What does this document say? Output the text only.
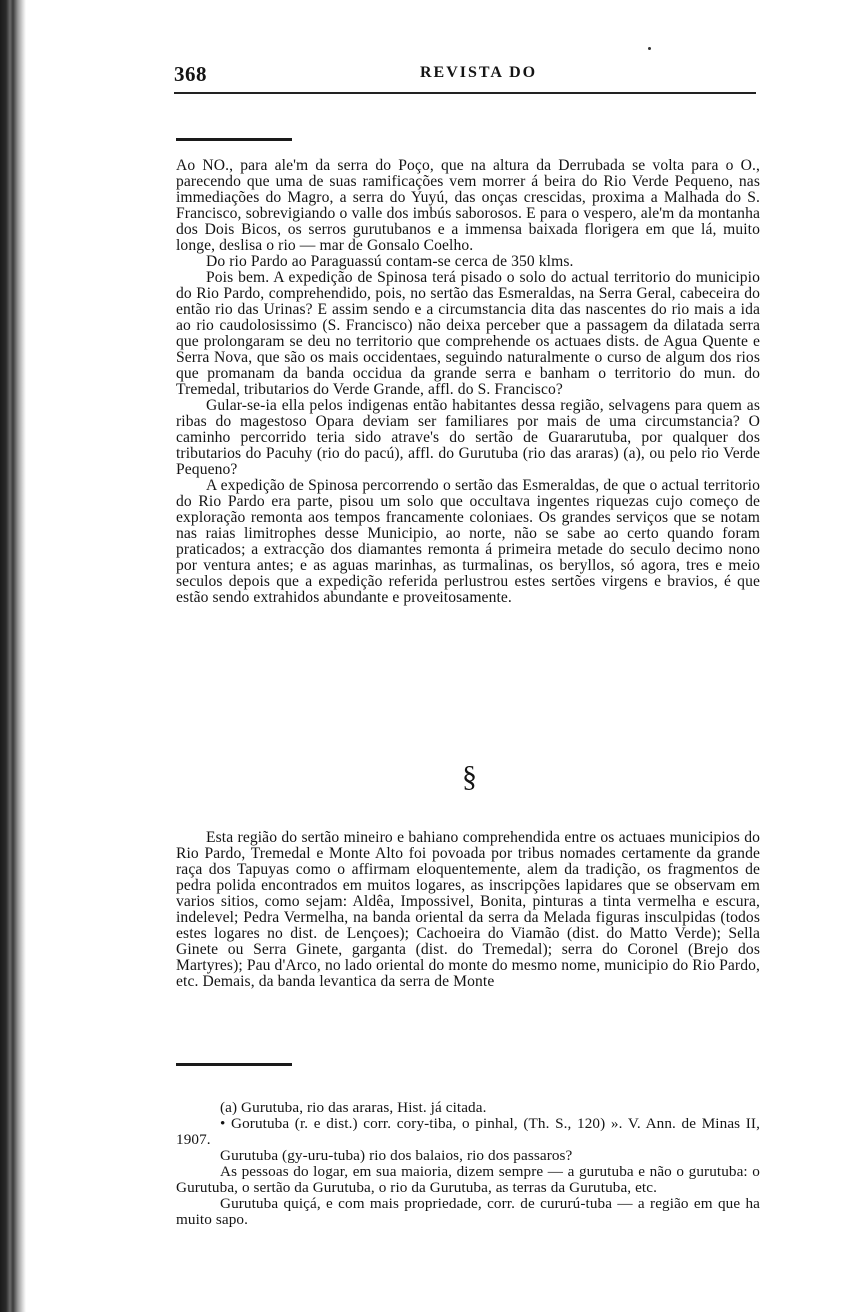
368	REVISTA DO

Ao NO., para ale'm da serra do Poço, que na altura da Derrubada se volta para o O., parecendo que uma de suas ramificações vem morrer á beira do Rio Verde Pequeno, nas immediações do Magro, a serra do Yuyú, das onças crescidas, proxima a Malhada do S. Francisco, sobrevigiando o valle dos imbús saborosos. E para o vespero, ale'm da montanha dos Dois Bicos, os serros gurutubanos e a immensa baixada florigera em que lá, muito longe, deslisa o rio — mar de Gonsalo Coelho.

Do rio Pardo ao Paraguassú contam-se cerca de 350 klms.

Pois bem. A expedição de Spinosa terá pisado o solo do actual territorio do municipio do Rio Pardo, comprehendido, pois, no sertão das Esmeraldas, na Serra Geral, cabeceira do então rio das Urinas? E assim sendo e a circumstancia dita das nascentes do rio mais a ida ao rio caudolosissimo (S. Francisco) não deixa perceber que a passagem da dilatada serra que prolongaram se deu no territorio que comprehende os actuaes dists. de Agua Quente e Serra Nova, que são os mais occidentaes, seguindo naturalmente o curso de algum dos rios que promanam da banda occidua da grande serra e banham o territorio do mun. do Tremedal, tributarios do Verde Grande, affl. do S. Francisco?

Gular-se-ia ella pelos indigenas então habitantes dessa região, selvagens para quem as ribas do magestoso Opara deviam ser familiares por mais de uma circumstancia? O caminho percorrido teria sido atrave's do sertão de Guararutuba, por qualquer dos tributarios do Pacuhy (rio do pacú), affl. do Gurutuba (rio das araras) (a), ou pelo rio Verde Pequeno?

A expedição de Spinosa percorrendo o sertão das Esmeraldas, de que o actual territorio do Rio Pardo era parte, pisou um solo que occultava ingentes riquezas cujo começo de exploração remonta aos tempos francamente coloniaes. Os grandes serviços que se notam nas raias limitrophes desse Municipio, ao norte, não se sabe ao certo quando foram praticados; a extracção dos diamantes remonta á primeira metade do seculo decimo nono por ventura antes; e as aguas marinhas, as turmalinas, os beryllos, só agora, tres e meio seculos depois que a expedição referida perlustrou estes sertões virgens e bravios, é que estão sendo extrahidos abundante e proveitosamente.

§

Esta região do sertão mineiro e bahiano comprehendida entre os actuaes municipios do Rio Pardo, Tremedal e Monte Alto foi povoada por tribus nomades certamente da grande raça dos Tapuyas como o affirmam eloquentemente, alem da tradição, os fragmentos de pedra polida encontrados em muitos logares, as inscripções lapidares que se observam em varios sitios, como sejam: Aldêa, Impossivel, Bonita, pinturas a tinta vermelha e escura, indelevel; Pedra Vermelha, na banda oriental da serra da Melada figuras insculpidas (todos estes logares no dist. de Lençoes); Cachoeira do Viamão (dist. do Matto Verde); Sella Ginete ou Serra Ginete, garganta (dist. do Tremedal); serra do Coronel (Brejo dos Martyres); Pau d'Arco, no lado oriental do monte do mesmo nome, municipio do Rio Pardo, etc. Demais, da banda levantica da serra de Monte

(a) Gurutuba, rio das araras, Hist. já citada.

• Gorutuba (r. e dist.) corr. cory-tiba, o pinhal, (Th. S., 120) ». V. Ann. de Minas II, 1907.

Gurutuba (gy-uru-tuba) rio dos balaios, rio dos passaros?

As pessoas do logar, em sua maioria, dizem sempre — a gurutuba e não o gurutuba: o Gurutuba, o sertão da Gurutuba, o rio da Gurutuba, as terras da Gurutuba, etc.

Gurutuba quiçá, e com mais propriedade, corr. de cururú-tuba — a região em que ha muito sapo.
